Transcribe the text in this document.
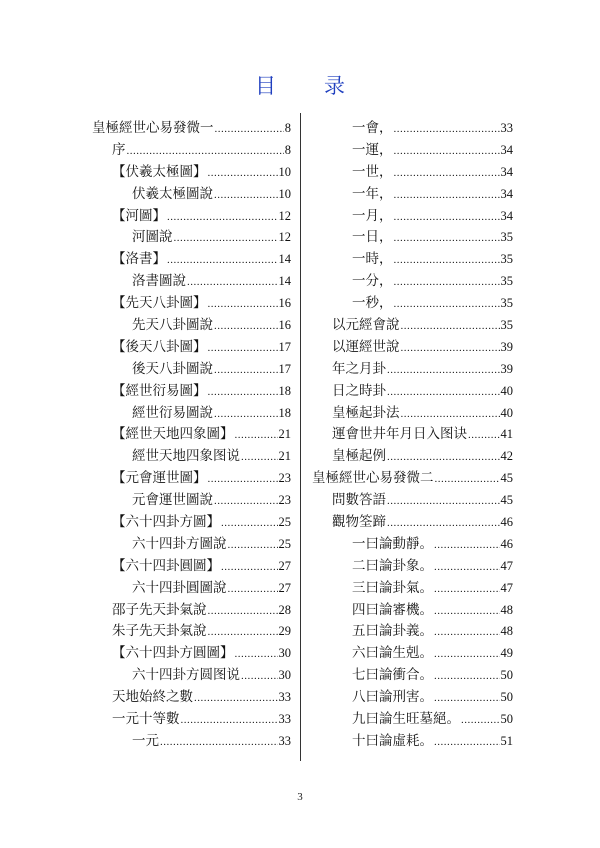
目 录
皇極經世心易發微一 .....	8
序 .....	8
【伏羲太極圖】 .....	10
伏羲太極圖說 .....	10
【河圖】 .....	12
河圖說 .....	12
【洛書】 .....	14
洛書圖說 .....	14
【先天八卦圖】 .....	16
先天八卦圖說 .....	16
【後天八卦圖】 .....	17
後天八卦圖說 .....	17
【經世衍易圖】 .....	18
經世衍易圖說 .....	18
【經世天地四象圖】 .....	21
經世天地四象图说 .....	21
【元會運世圖】 .....	23
元會運世圖說 .....	23
【六十四卦方圖】 .....	25
六十四卦方圖說 .....	25
【六十四卦圓圖】 .....	27
六十四卦圓圖說 .....	27
邵子先天卦氣說 .....	28
朱子先天卦氣說 .....	29
【六十四卦方圓圖】 .....	30
六十四卦方圆图说 .....	30
天地始終之數 .....	33
一元十等數 .....	33
一元 .....	33
一會， .....	33
一運， .....	34
一世， .....	34
一年， .....	34
一月， .....	34
一日， .....	35
一時， .....	35
一分， .....	35
一秒， .....	35
以元經會說 .....	35
以運經世說 .....	39
年之月卦 .....	39
日之時卦 .....	40
皇極起卦法 .....	40
運會世井年月日入图诀 .....	41
皇極起例 .....	42
皇極經世心易發微二 .....	45
問數答語 .....	45
觀物筌蹄 .....	46
一曰論動靜。 .....	46
二曰論卦象。 .....	47
三曰論卦氣。 .....	47
四曰論審機。 .....	48
五曰論卦義。 .....	48
六曰論生剋。 .....	49
七曰論衝合。 .....	50
八曰論刑害。 .....	50
九曰論生旺墓絕。 .....	50
十曰論虛耗。 .....	51
3
